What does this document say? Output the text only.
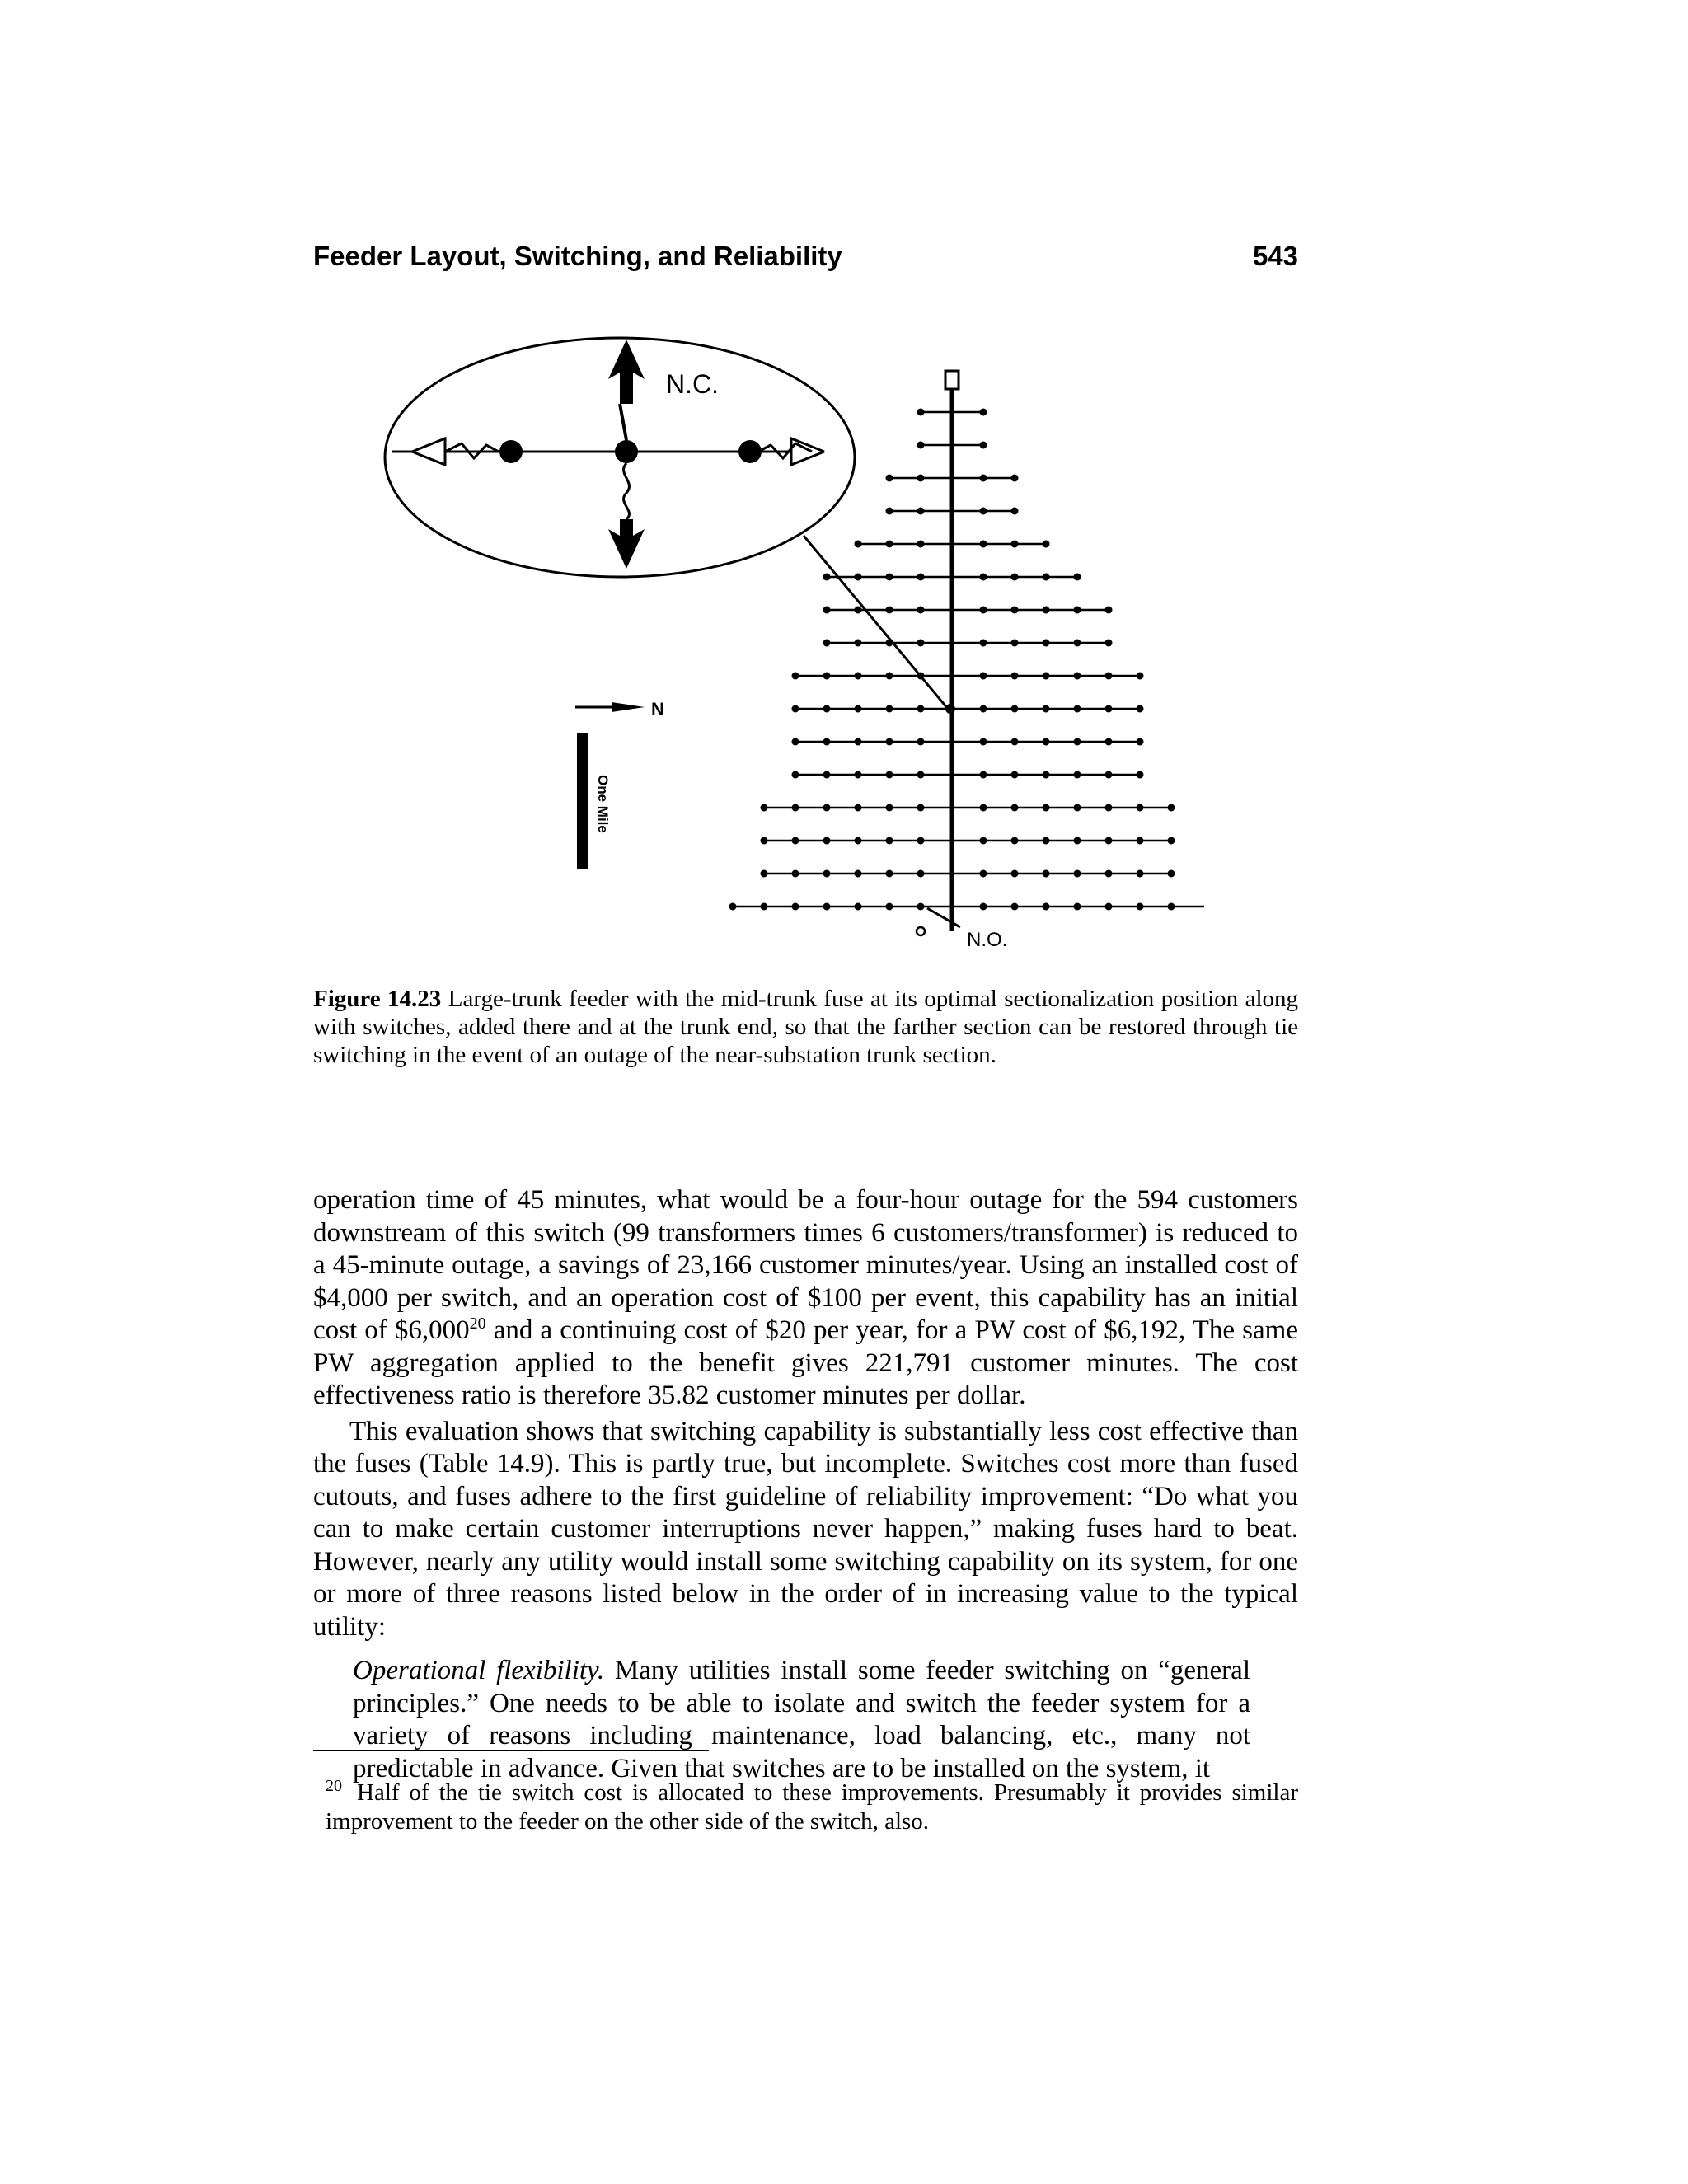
Feeder Layout, Switching, and Reliability	543
N.C.
N
One Mile
N.O.
Figure 14.23 Large-trunk feeder with the mid-trunk fuse at its optimal sectionalization position along with switches, added there and at the trunk end, so that the farther section can be restored through tie switching in the event of an outage of the near-substation trunk section.

operation time of 45 minutes, what would be a four-hour outage for the 594 customers downstream of this switch (99 transformers times 6 customers/transformer) is reduced to a 45-minute outage, a savings of 23,166 customer minutes/year. Using an installed cost of $4,000 per switch, and an operation cost of $100 per event, this capability has an initial cost of $6,000$^{20}$ and a continuing cost of $20 per year, for a PW cost of $6,192, The same PW aggregation applied to the benefit gives 221,791 customer minutes. The cost effectiveness ratio is therefore 35.82 customer minutes per dollar.

This evaluation shows that switching capability is substantially less cost effective than the fuses (Table 14.9). This is partly true, but incomplete. Switches cost more than fused cutouts, and fuses adhere to the first guideline of reliability improvement: “Do what you can to make certain customer interruptions never happen,” making fuses hard to beat. However, nearly any utility would install some switching capability on its system, for one or more of three reasons listed below in the order of in increasing value to the typical utility:

Operational flexibility. Many utilities install some feeder switching on “general principles.” One needs to be able to isolate and switch the feeder system for a variety of reasons including maintenance, load balancing, etc., many not predictable in advance. Given that switches are to be installed on the system, it

$^{20}$ Half of the tie switch cost is allocated to these improvements. Presumably it provides similar improvement to the feeder on the other side of the switch, also.
